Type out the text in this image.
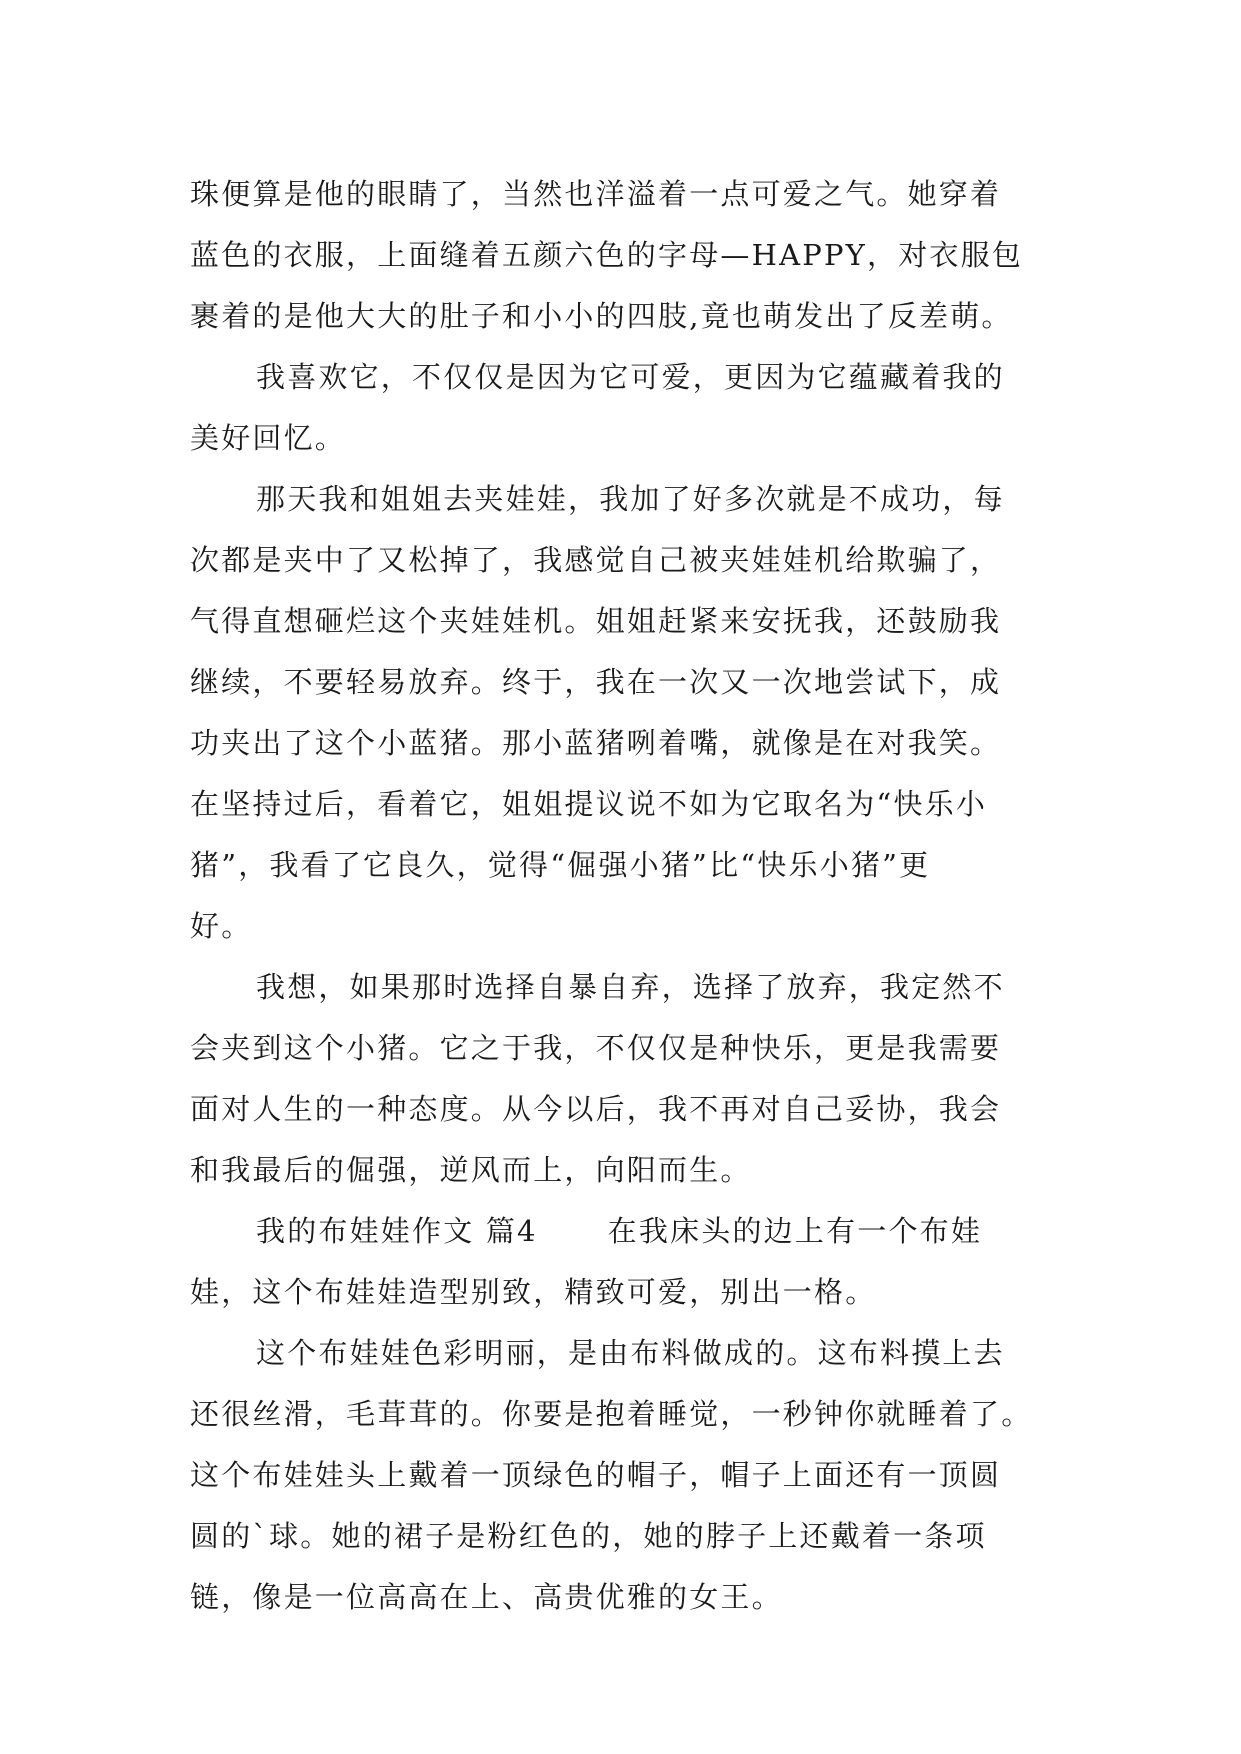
珠便算是他的眼睛了，当然也洋溢着一点可爱之气。她穿着
蓝色的衣服，上面缝着五颜六色的字母—HAPPY，对衣服包
裹着的是他大大的肚子和小小的四肢,竟也萌发出了反差萌。
我喜欢它，不仅仅是因为它可爱，更因为它蕴藏着我的
美好回忆。
那天我和姐姐去夹娃娃，我加了好多次就是不成功，每
次都是夹中了又松掉了，我感觉自己被夹娃娃机给欺骗了，
气得直想砸烂这个夹娃娃机。姐姐赶紧来安抚我，还鼓励我
继续，不要轻易放弃。终于，我在一次又一次地尝试下，成
功夹出了这个小蓝猪。那小蓝猪咧着嘴，就像是在对我笑。
在坚持过后，看着它，姐姐提议说不如为它取名为“快乐小
猪”，我看了它良久，觉得“倔强小猪”比“快乐小猪”更
好。
我想，如果那时选择自暴自弃，选择了放弃，我定然不
会夹到这个小猪。它之于我，不仅仅是种快乐，更是我需要
面对人生的一种态度。从今以后，我不再对自己妥协，我会
和我最后的倔强，逆风而上，向阳而生。
我的布娃娃作文 篇4 在我床头的边上有一个布娃
娃，这个布娃娃造型别致，精致可爱，别出一格。
这个布娃娃色彩明丽，是由布料做成的。这布料摸上去
还很丝滑，毛茸茸的。你要是抱着睡觉，一秒钟你就睡着了。
这个布娃娃头上戴着一顶绿色的帽子，帽子上面还有一顶圆
圆的`球。她的裙子是粉红色的，她的脖子上还戴着一条项
链，像是一位高高在上、高贵优雅的女王。
